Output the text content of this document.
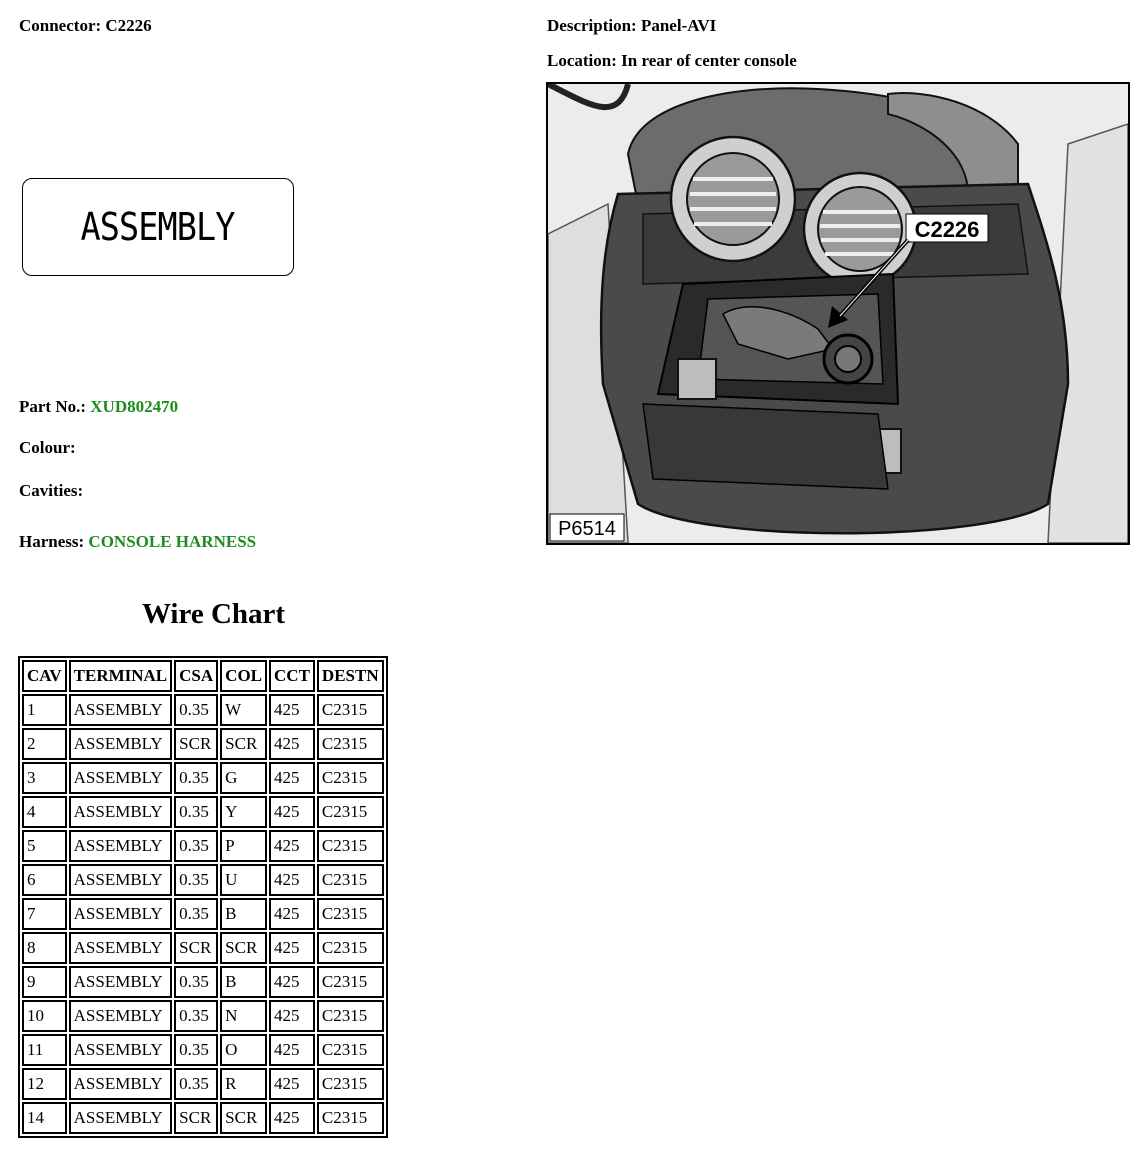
Connector: C2226	Description: Panel-AVI
Location: In rear of center console
ASSEMBLY
Part No.: XUD802470
Colour:
Cavities:
Harness: CONSOLE HARNESS
C2226
P6514
Wire Chart
CAV	TERMINAL	CSA	COL	CCT	DESTN
1	ASSEMBLY	0.35	W	425	C2315
2	ASSEMBLY	SCR	SCR	425	C2315
3	ASSEMBLY	0.35	G	425	C2315
4	ASSEMBLY	0.35	Y	425	C2315
5	ASSEMBLY	0.35	P	425	C2315
6	ASSEMBLY	0.35	U	425	C2315
7	ASSEMBLY	0.35	B	425	C2315
8	ASSEMBLY	SCR	SCR	425	C2315
9	ASSEMBLY	0.35	B	425	C2315
10	ASSEMBLY	0.35	N	425	C2315
11	ASSEMBLY	0.35	O	425	C2315
12	ASSEMBLY	0.35	R	425	C2315
14	ASSEMBLY	SCR	SCR	425	C2315
